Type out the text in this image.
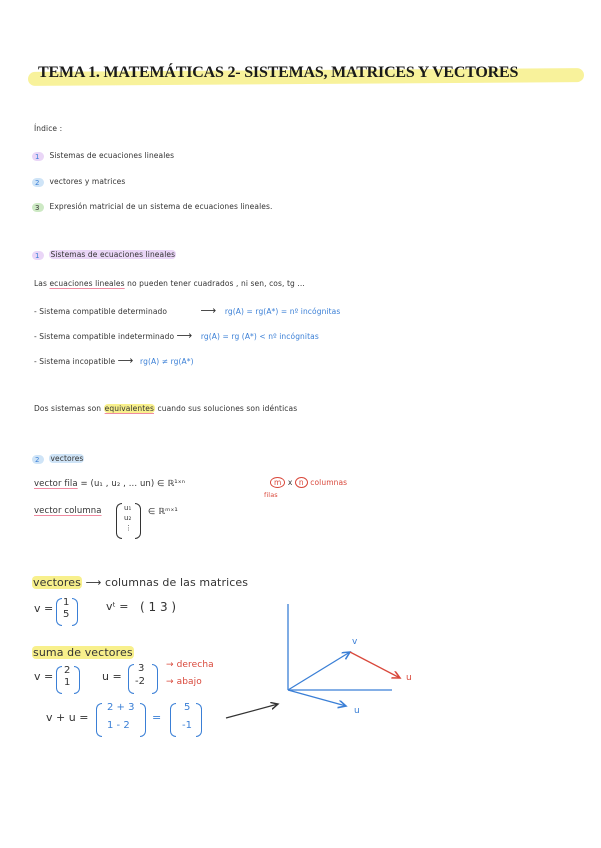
TEMA 1. MATEMÁTICAS 2- SISTEMAS, MATRICES Y VECTORES
Índice :
1 Sistemas de ecuaciones lineales
2 vectores y matrices
3 Expresión matricial de un sistema de ecuaciones lineales.
1 Sistemas de ecuaciones lineales
Las ecuaciones lineales no pueden tener cuadrados , ni sen, cos, tg ...
- Sistema compatible determinado	⟶ rg(A) = rg(A*) = nº incógnitas
- Sistema compatible indeterminado ⟶ rg(A) = rg (A*) < nº incógnitas
- Sistema incopatible ⟶ rg(A) ≠ rg(A*)
Dos sistemas son equivalentes cuando sus soluciones son idénticas
2 vectores
vector fila = (u₁ , u₂ , ... un) ∈ ℝ¹ˣⁿ	m x n columnas
filas
vector columna	u₁
u₂
⋮
∈ ℝᵐˣ¹
vectores ⟶ columnas de las matrices
v = 1
5
vᵗ = ( 1 3 )
suma de vectores
v = 2
1	u =
3
-2
→ derecha
→ abajo
v + u =
2 + 3
1 - 2
=
5
-1
v
u
u
